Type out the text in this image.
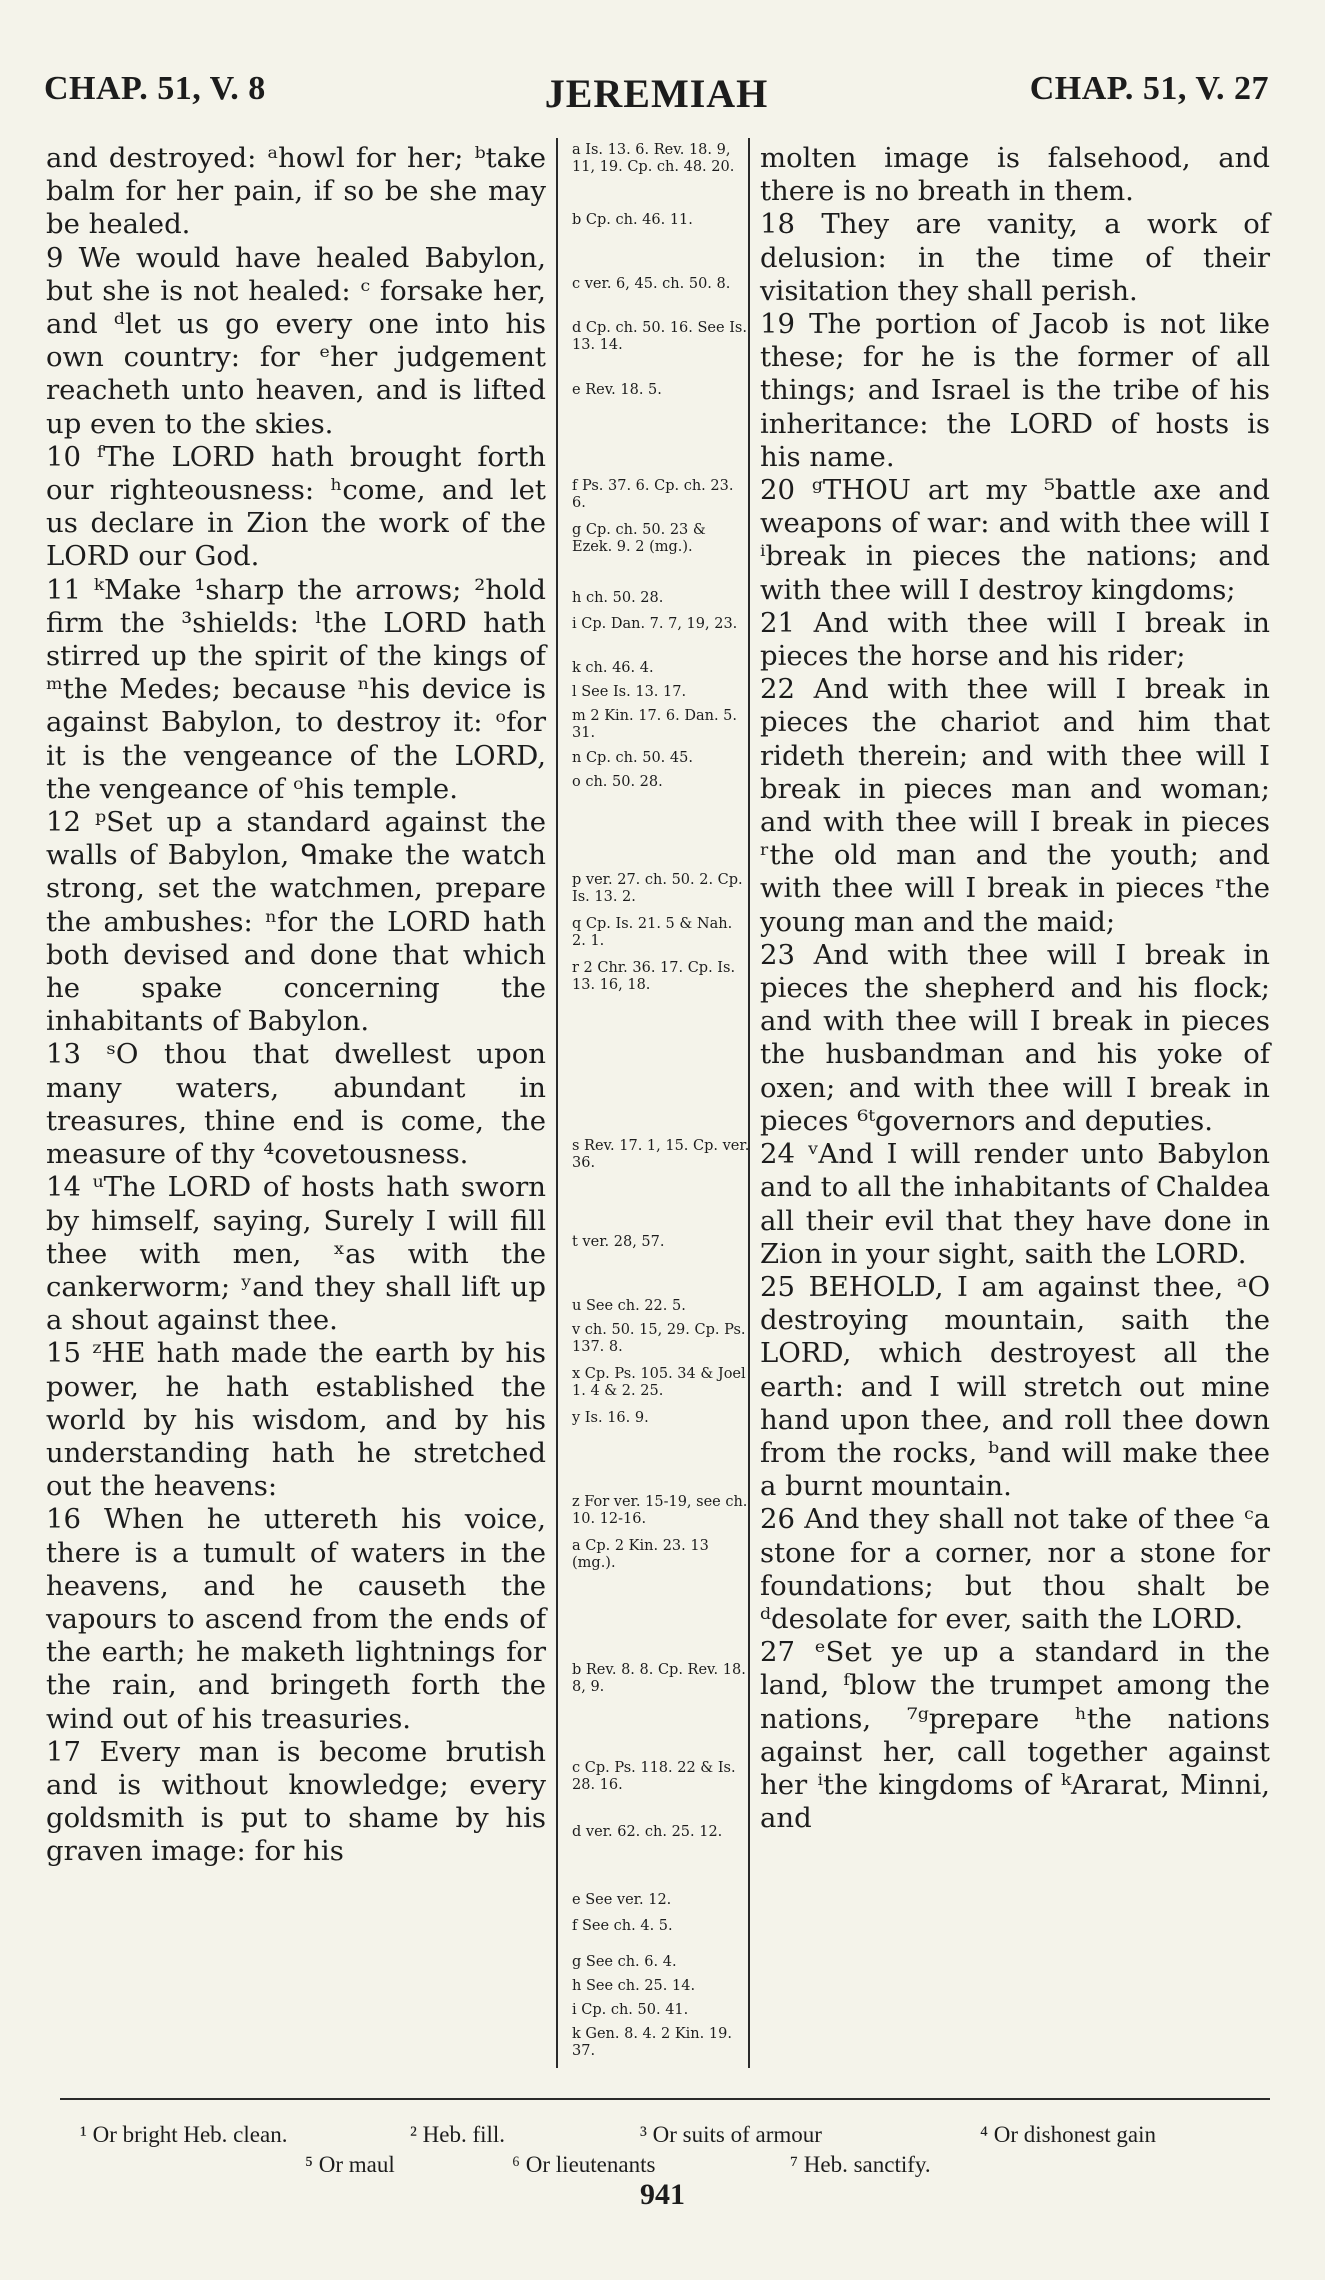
CHAP. 51, V. 8	JEREMIAH	CHAP. 51, V. 27

and destroyed: ᵃhowl for her; ᵇtake balm for her pain, if so be she may be healed.

9 We would have healed Babylon, but she is not healed: ᶜ forsake her, and ᵈlet us go every one into his own country: for ᵉher judgement reacheth unto heaven, and is lifted up even to the skies.

10 ᶠThe LORD hath brought forth our righteousness: ʰcome, and let us declare in Zion the work of the LORD our God.

11 ᵏMake ¹sharp the arrows; ²hold firm the ³shields: ˡthe LORD hath stirred up the spirit of the kings of ᵐthe Medes; because ⁿhis device is against Babylon, to destroy it: ᵒfor it is the vengeance of the LORD, the vengeance of ᵒhis temple.

12 ᵖSet up a standard against the walls of Babylon, ᑫmake the watch strong, set the watchmen, prepare the ambushes: ⁿfor the LORD hath both devised and done that which he spake concerning the inhabitants of Babylon.

13 ˢO thou that dwellest upon many waters, abundant in treasures, thine end is come, the measure of thy ⁴covetousness.

14 ᵘThe LORD of hosts hath sworn by himself, saying, Surely I will fill thee with men, ˣas with the cankerworm; ʸand they shall lift up a shout against thee.

15 ᶻHE hath made the earth by his power, he hath established the world by his wisdom, and by his understanding hath he stretched out the heavens:

16 When he uttereth his voice, there is a tumult of waters in the heavens, and he causeth the vapours to ascend from the ends of the earth; he maketh lightnings for the rain, and bringeth forth the wind out of his treasuries.

17 Every man is become brutish and is without knowledge; every goldsmith is put to shame by his graven image: for his

a Is. 13. 6. Rev. 18. 9, 11, 19. Cp. ch. 48. 20.
b Cp. ch. 46. 11.
c ver. 6, 45. ch. 50. 8.
d Cp. ch. 50. 16. See Is. 13. 14.
e Rev. 18. 5.
f Ps. 37. 6. Cp. ch. 23. 6.
g Cp. ch. 50. 23 & Ezek. 9. 2 (mg.).
h ch. 50. 28.
i Cp. Dan. 7. 7, 19, 23.
k ch. 46. 4.
l See Is. 13. 17.
m 2 Kin. 17. 6. Dan. 5. 31.
n Cp. ch. 50. 45.
o ch. 50. 28.
p ver. 27. ch. 50. 2. Cp. Is. 13. 2.
q Cp. Is. 21. 5 & Nah. 2. 1.
r 2 Chr. 36. 17. Cp. Is. 13. 16, 18.
s Rev. 17. 1, 15. Cp. ver. 36.
t ver. 28, 57.
u See ch. 22. 5.
v ch. 50. 15, 29. Cp. Ps. 137. 8.
x Cp. Ps. 105. 34 & Joel 1. 4 & 2. 25.
y Is. 16. 9.
z For ver. 15-19, see ch. 10. 12-16.
a Cp. 2 Kin. 23. 13 (mg.).
b Rev. 8. 8. Cp. Rev. 18. 8, 9.
c Cp. Ps. 118. 22 & Is. 28. 16.
d ver. 62. ch. 25. 12.
e See ver. 12.
f See ch. 4. 5.
g See ch. 6. 4.
h See ch. 25. 14.
i Cp. ch. 50. 41.
k Gen. 8. 4. 2 Kin. 19. 37.

molten image is falsehood, and there is no breath in them.

18 They are vanity, a work of delusion: in the time of their visitation they shall perish.

19 The portion of Jacob is not like these; for he is the former of all things; and Israel is the tribe of his inheritance: the LORD of hosts is his name.

20 ᵍTHOU art my ⁵battle axe and weapons of war: and with thee will I ⁱbreak in pieces the nations; and with thee will I destroy kingdoms;

21 And with thee will I break in pieces the horse and his rider;

22 And with thee will I break in pieces the chariot and him that rideth therein; and with thee will I break in pieces man and woman; and with thee will I break in pieces ʳthe old man and the youth; and with thee will I break in pieces ʳthe young man and the maid;

23 And with thee will I break in pieces the shepherd and his flock; and with thee will I break in pieces the husbandman and his yoke of oxen; and with thee will I break in pieces ⁶ᵗgovernors and deputies.

24 ᵛAnd I will render unto Babylon and to all the inhabitants of Chaldea all their evil that they have done in Zion in your sight, saith the LORD.

25 BEHOLD, I am against thee, ᵃO destroying mountain, saith the LORD, which destroyest all the earth: and I will stretch out mine hand upon thee, and roll thee down from the rocks, ᵇand will make thee a burnt mountain.

26 And they shall not take of thee ᶜa stone for a corner, nor a stone for foundations; but thou shalt be ᵈdesolate for ever, saith the LORD.

27 ᵉSet ye up a standard in the land, ᶠblow the trumpet among the nations, ⁷ᵍprepare ʰthe nations against her, call together against her ⁱthe kingdoms of ᵏArarat, Minni, and

¹ Or bright Heb. clean.	² Heb. fill.	³ Or suits of armour	⁴ Or dishonest gain
⁵ Or maul	⁶ Or lieutenants	⁷ Heb. sanctify.
941
